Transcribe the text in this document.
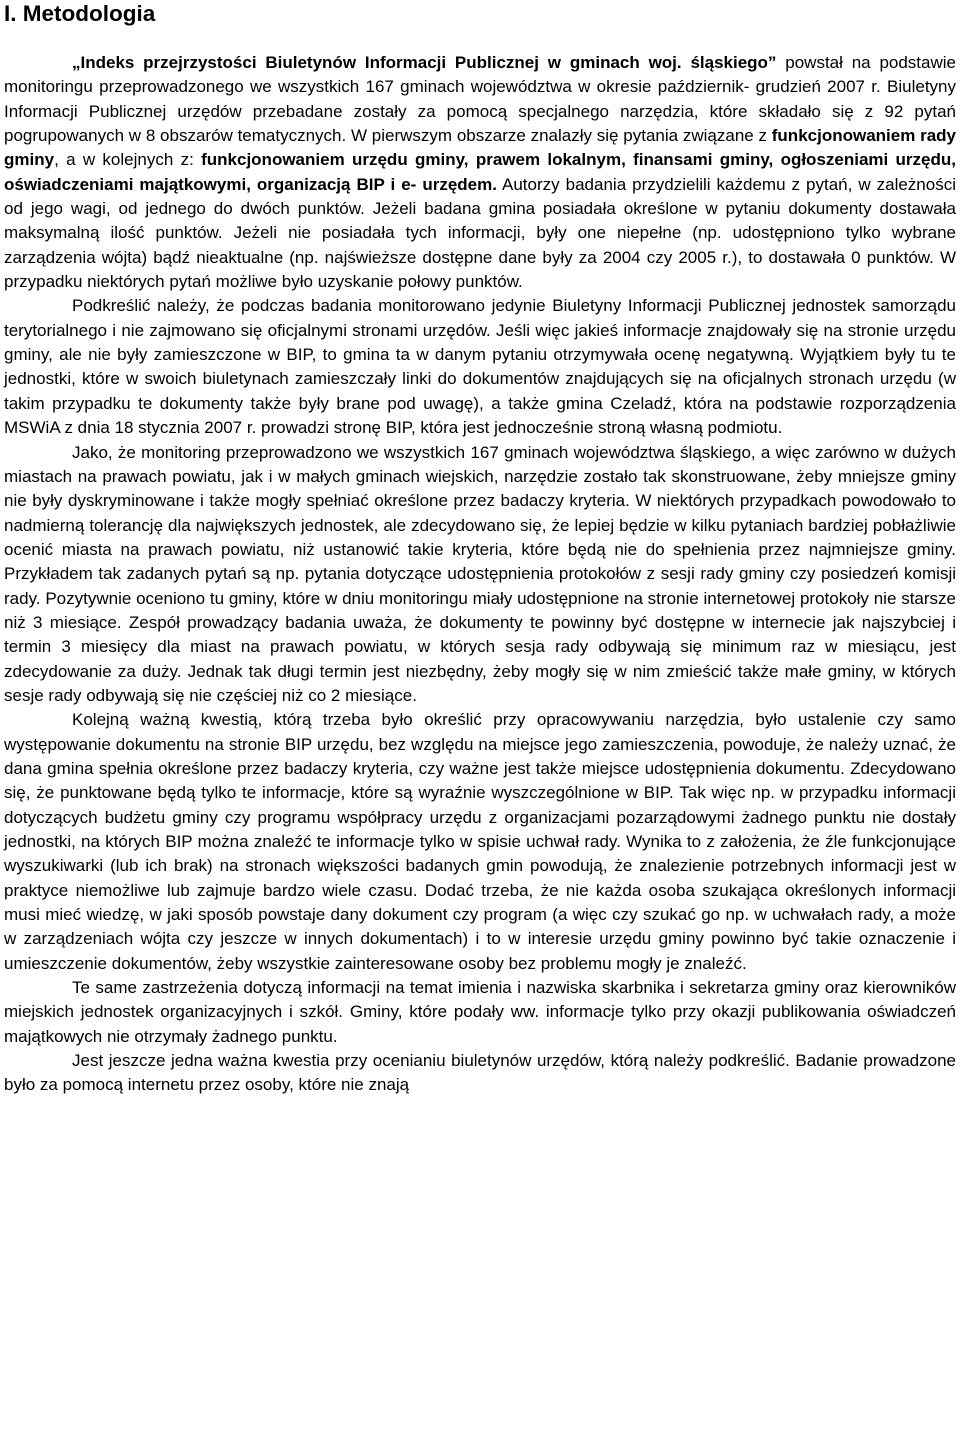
I. Metodologia

„Indeks przejrzystości Biuletynów Informacji Publicznej w gminach woj. śląskiego” powstał na podstawie monitoringu przeprowadzonego we wszystkich 167 gminach województwa w okresie październik- grudzień 2007 r. Biuletyny Informacji Publicznej urzędów przebadane zostały za pomocą specjalnego narzędzia, które składało się z 92 pytań pogrupowanych w 8 obszarów tematycznych. W pierwszym obszarze znalazły się pytania związane z funkcjonowaniem rady gminy, a w kolejnych z: funkcjonowaniem urzędu gminy, prawem lokalnym, finansami gminy, ogłoszeniami urzędu, oświadczeniami majątkowymi, organizacją BIP i e- urzędem. Autorzy badania przydzielili każdemu z pytań, w zależności od jego wagi, od jednego do dwóch punktów. Jeżeli badana gmina posiadała określone w pytaniu dokumenty dostawała maksymalną ilość punktów. Jeżeli nie posiadała tych informacji, były one niepełne (np. udostępniono tylko wybrane zarządzenia wójta) bądź nieaktualne (np. najświeższe dostępne dane były za 2004 czy 2005 r.), to dostawała 0 punktów. W przypadku niektórych pytań możliwe było uzyskanie połowy punktów.

Podkreślić należy, że podczas badania monitorowano jedynie Biuletyny Informacji Publicznej jednostek samorządu terytorialnego i nie zajmowano się oficjalnymi stronami urzędów. Jeśli więc jakieś informacje znajdowały się na stronie urzędu gminy, ale nie były zamieszczone w BIP, to gmina ta w danym pytaniu otrzymywała ocenę negatywną. Wyjątkiem były tu te jednostki, które w swoich biuletynach zamieszczały linki do dokumentów znajdujących się na oficjalnych stronach urzędu (w takim przypadku te dokumenty także były brane pod uwagę), a także gmina Czeladź, która na podstawie rozporządzenia MSWiA z dnia 18 stycznia 2007 r. prowadzi stronę BIP, która jest jednocześnie stroną własną podmiotu.

Jako, że monitoring przeprowadzono we wszystkich 167 gminach województwa śląskiego, a więc zarówno w dużych miastach na prawach powiatu, jak i w małych gminach wiejskich, narzędzie zostało tak skonstruowane, żeby mniejsze gminy nie były dyskryminowane i także mogły spełniać określone przez badaczy kryteria. W niektórych przypadkach powodowało to nadmierną tolerancję dla największych jednostek, ale zdecydowano się, że lepiej będzie w kilku pytaniach bardziej pobłażliwie ocenić miasta na prawach powiatu, niż ustanowić takie kryteria, które będą nie do spełnienia przez najmniejsze gminy. Przykładem tak zadanych pytań są np. pytania dotyczące udostępnienia protokołów z sesji rady gminy czy posiedzeń komisji rady. Pozytywnie oceniono tu gminy, które w dniu monitoringu miały udostępnione na stronie internetowej protokoły nie starsze niż 3 miesiące. Zespół prowadzący badania uważa, że dokumenty te powinny być dostępne w internecie jak najszybciej i termin 3 miesięcy dla miast na prawach powiatu, w których sesja rady odbywają się minimum raz w miesiącu, jest zdecydowanie za duży. Jednak tak długi termin jest niezbędny, żeby mogły się w nim zmieścić także małe gminy, w których sesje rady odbywają się nie częściej niż co 2 miesiące.

Kolejną ważną kwestią, którą trzeba było określić przy opracowywaniu narzędzia, było ustalenie czy samo występowanie dokumentu na stronie BIP urzędu, bez względu na miejsce jego zamieszczenia, powoduje, że należy uznać, że dana gmina spełnia określone przez badaczy kryteria, czy ważne jest także miejsce udostępnienia dokumentu. Zdecydowano się, że punktowane będą tylko te informacje, które są wyraźnie wyszczególnione w BIP. Tak więc np. w przypadku informacji dotyczących budżetu gminy czy programu współpracy urzędu z organizacjami pozarządowymi żadnego punktu nie dostały jednostki, na których BIP można znaleźć te informacje tylko w spisie uchwał rady. Wynika to z założenia, że źle funkcjonujące wyszukiwarki (lub ich brak) na stronach większości badanych gmin powodują, że znalezienie potrzebnych informacji jest w praktyce niemożliwe lub zajmuje bardzo wiele czasu. Dodać trzeba, że nie każda osoba szukająca określonych informacji musi mieć wiedzę, w jaki sposób powstaje dany dokument czy program (a więc czy szukać go np. w uchwałach rady, a może w zarządzeniach wójta czy jeszcze w innych dokumentach) i to w interesie urzędu gminy powinno być takie oznaczenie i umieszczenie dokumentów, żeby wszystkie zainteresowane osoby bez problemu mogły je znaleźć.

Te same zastrzeżenia dotyczą informacji na temat imienia i nazwiska skarbnika i sekretarza gminy oraz kierowników miejskich jednostek organizacyjnych i szkół. Gminy, które podały ww. informacje tylko przy okazji publikowania oświadczeń majątkowych nie otrzymały żadnego punktu.

Jest jeszcze jedna ważna kwestia przy ocenianiu biuletynów urzędów, którą należy podkreślić. Badanie prowadzone było za pomocą internetu przez osoby, które nie znają
